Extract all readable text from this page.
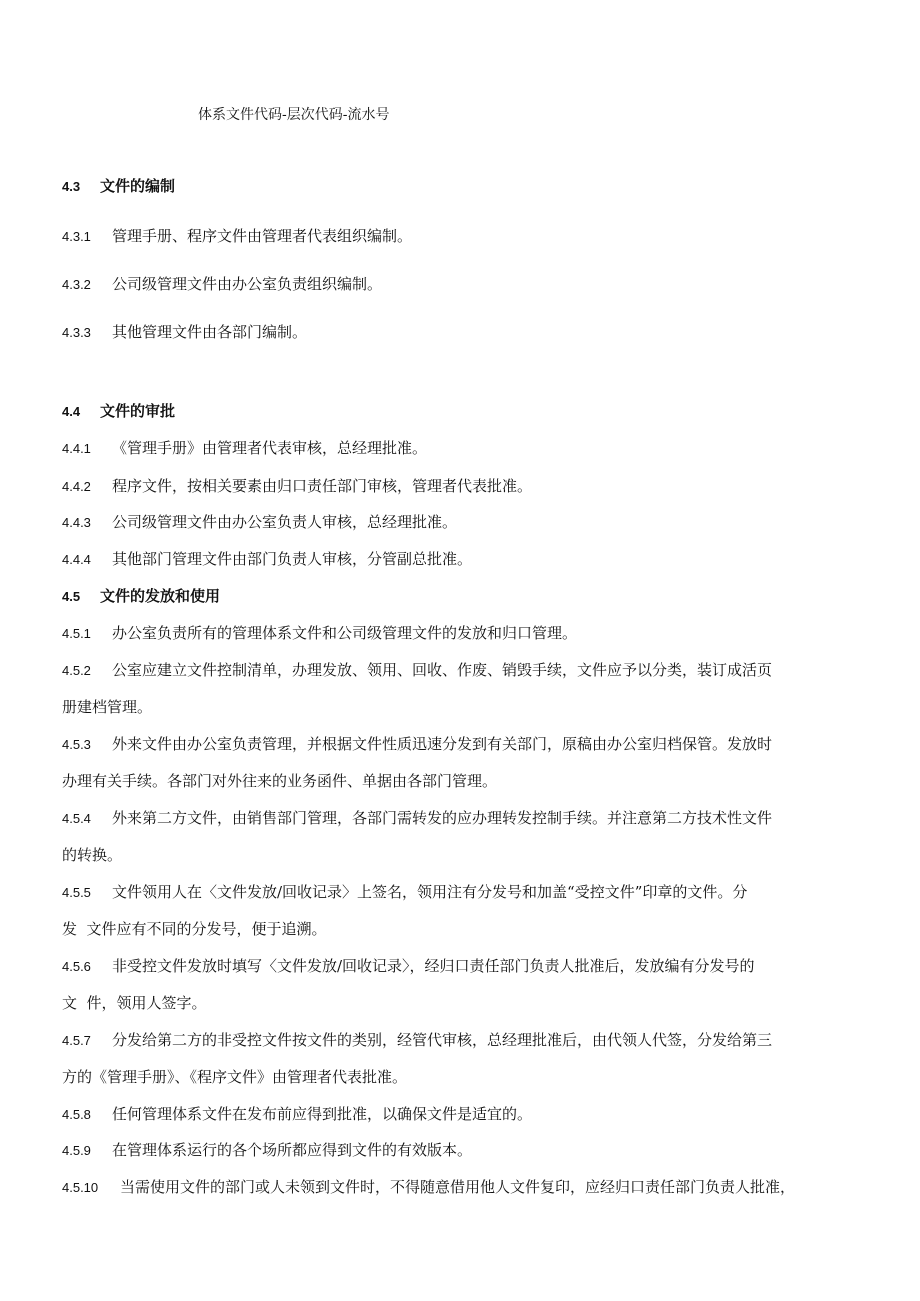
体系文件代码-层次代码-流水号
4.3 文件的编制
4.3.1 管理手册、程序文件由管理者代表组织编制。
4.3.2 公司级管理文件由办公室负责组织编制。
4.3.3 其他管理文件由各部门编制。
4.4 文件的审批
4.4.1 《管理手册》由管理者代表审核，总经理批准。
4.4.2 程序文件，按相关要素由归口责任部门审核，管理者代表批准。
4.4.3 公司级管理文件由办公室负责人审核，总经理批准。
4.4.4 其他部门管理文件由部门负责人审核，分管副总批准。
4.5 文件的发放和使用
4.5.1 办公室负责所有的管理体系文件和公司级管理文件的发放和归口管理。
4.5.2 公室应建立文件控制清单，办理发放、领用、回收、作废、销毁手续，文件应予以分类，装订成活页
册建档管理。
4.5.3 外来文件由办公室负责管理，并根据文件性质迅速分发到有关部门，原稿由办公室归档保管。发放时
办理有关手续。各部门对外往来的业务函件、单据由各部门管理。
4.5.4 外来第二方文件，由销售部门管理，各部门需转发的应办理转发控制手续。并注意第二方技术性文件
的转换。
4.5.5 文件领用人在〈文件发放/回收记录〉上签名，领用注有分发号和加盖“受控文件”印章的文件。分
发  文件应有不同的分发号，便于追溯。
4.5.6 非受控文件发放时填写〈文件发放/回收记录〉，经归口责任部门负责人批准后，发放编有分发号的
文  件，领用人签字。
4.5.7 分发给第二方的非受控文件按文件的类别，经管代审核，总经理批准后，由代领人代签，分发给第三
方的《管理手册》、《程序文件》由管理者代表批准。
4.5.8 任何管理体系文件在发布前应得到批准，以确保文件是适宜的。
4.5.9 在管理体系运行的各个场所都应得到文件的有效版本。
4.5.10 当需使用文件的部门或人未领到文件时，不得随意借用他人文件复印，应经归口责任部门负责人批准，
